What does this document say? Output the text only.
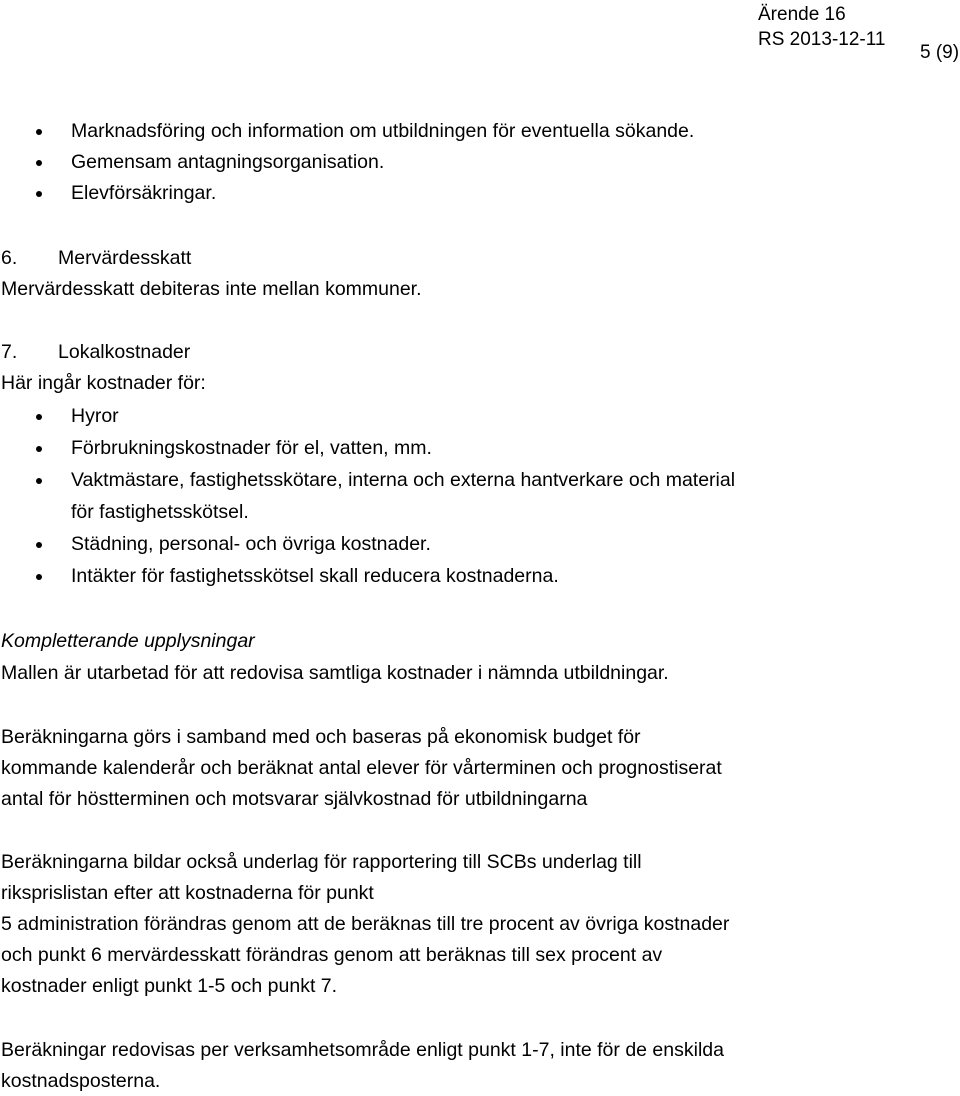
Ärende 16
RS 2013-12-11
5 (9)
Marknadsföring och information om utbildningen för eventuella sökande.
Gemensam antagningsorganisation.
Elevförsäkringar.
6. Mervärdesskatt
Mervärdesskatt debiteras inte mellan kommuner.
7. Lokalkostnader
Här ingår kostnader för:
Hyror
Förbrukningskostnader för el, vatten, mm.
Vaktmästare, fastighetsskötare, interna och externa hantverkare och material
för fastighetsskötsel.
Städning, personal- och övriga kostnader.
Intäkter för fastighetsskötsel skall reducera kostnaderna.
Kompletterande upplysningar
Mallen är utarbetad för att redovisa samtliga kostnader i nämnda utbildningar.
Beräkningarna görs i samband med och baseras på ekonomisk budget för
kommande kalenderår och beräknat antal elever för vårterminen och prognostiserat
antal för höstterminen och motsvarar självkostnad för utbildningarna
Beräkningarna bildar också underlag för rapportering till SCBs underlag till
riksprislistan efter att kostnaderna för punkt
5 administration förändras genom att de beräknas till tre procent av övriga kostnader
och punkt 6 mervärdesskatt förändras genom att beräknas till sex procent av
kostnader enligt punkt 1-5 och punkt 7.
Beräkningar redovisas per verksamhetsområde enligt punkt 1-7, inte för de enskilda
kostnadsposterna.
